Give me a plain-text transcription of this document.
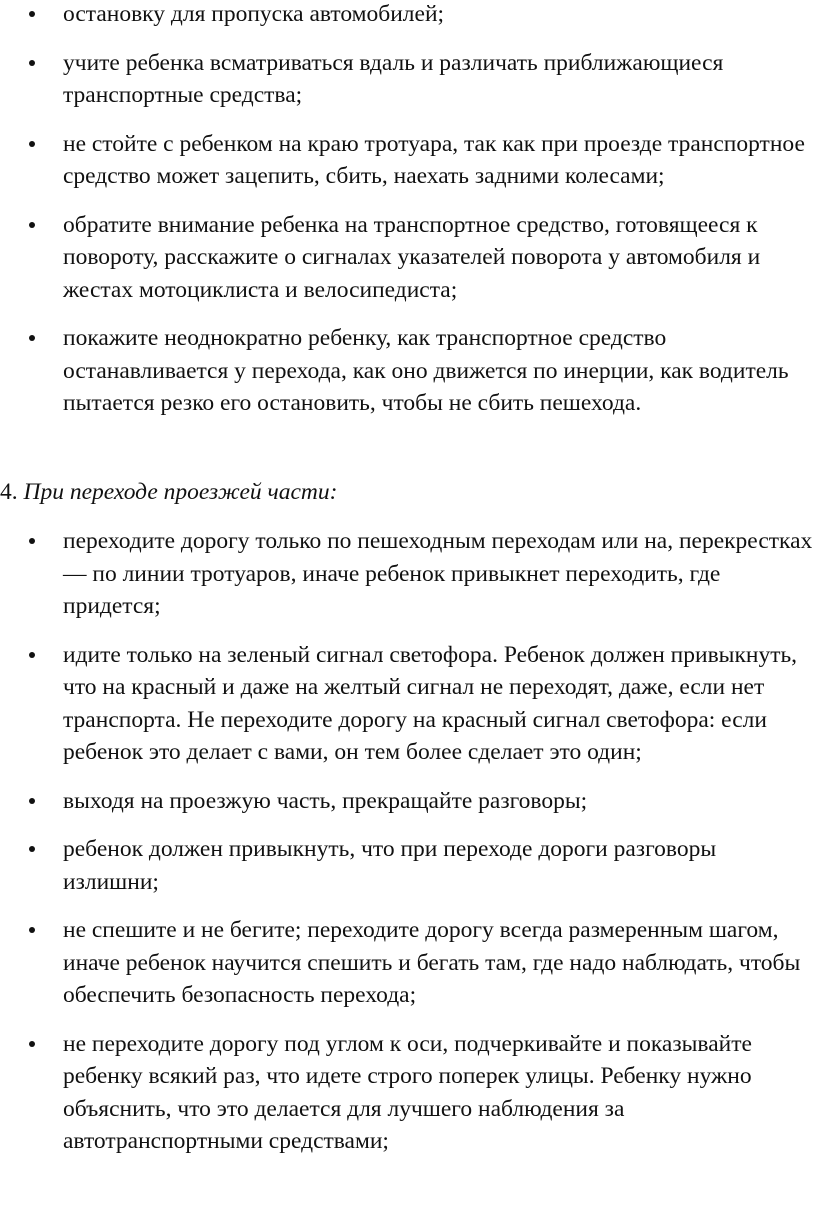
остановку для пропуска автомобилей;
учите ребенка всматриваться вдаль и различать приближающиеся транспортные средства;
не стойте с ребенком на краю тротуара, так как при проезде транспортное средство может зацепить, сбить, наехать задними колесами;
обратите внимание ребенка на транспортное средство, готовящееся к повороту, расскажите о сигналах указателей поворота у автомобиля и жестах мотоциклиста и велосипедиста;
покажите неоднократно ребенку, как транспортное средство останавливается у перехода, как оно движется по инерции, как водитель пытается резко его остановить, чтобы не сбить пешехода.
4. При переходе проезжей части:
переходите дорогу только по пешеходным переходам или на, перекрестках — по линии тротуаров, иначе ребенок привыкнет переходить, где придется;
идите только на зеленый сигнал светофора. Ребенок должен привыкнуть, что на красный и даже на желтый сигнал не переходят, даже, если нет транспорта. Не переходите дорогу на красный сигнал светофора: если ребенок это делает с вами, он тем более сделает это один;
выходя на проезжую часть, прекращайте разговоры;
ребенок должен привыкнуть, что при переходе дороги разговоры излишни;
не спешите и не бегите; переходите дорогу всегда размеренным шагом, иначе ребенок научится спешить и бегать там, где надо наблюдать, чтобы обеспечить безопасность перехода;
не переходите дорогу под углом к оси, подчеркивайте и показывайте ребенку всякий раз, что идете строго поперек улицы. Ребенку нужно объяснить, что это делается для лучшего наблюдения за автотранспортными средствами;
